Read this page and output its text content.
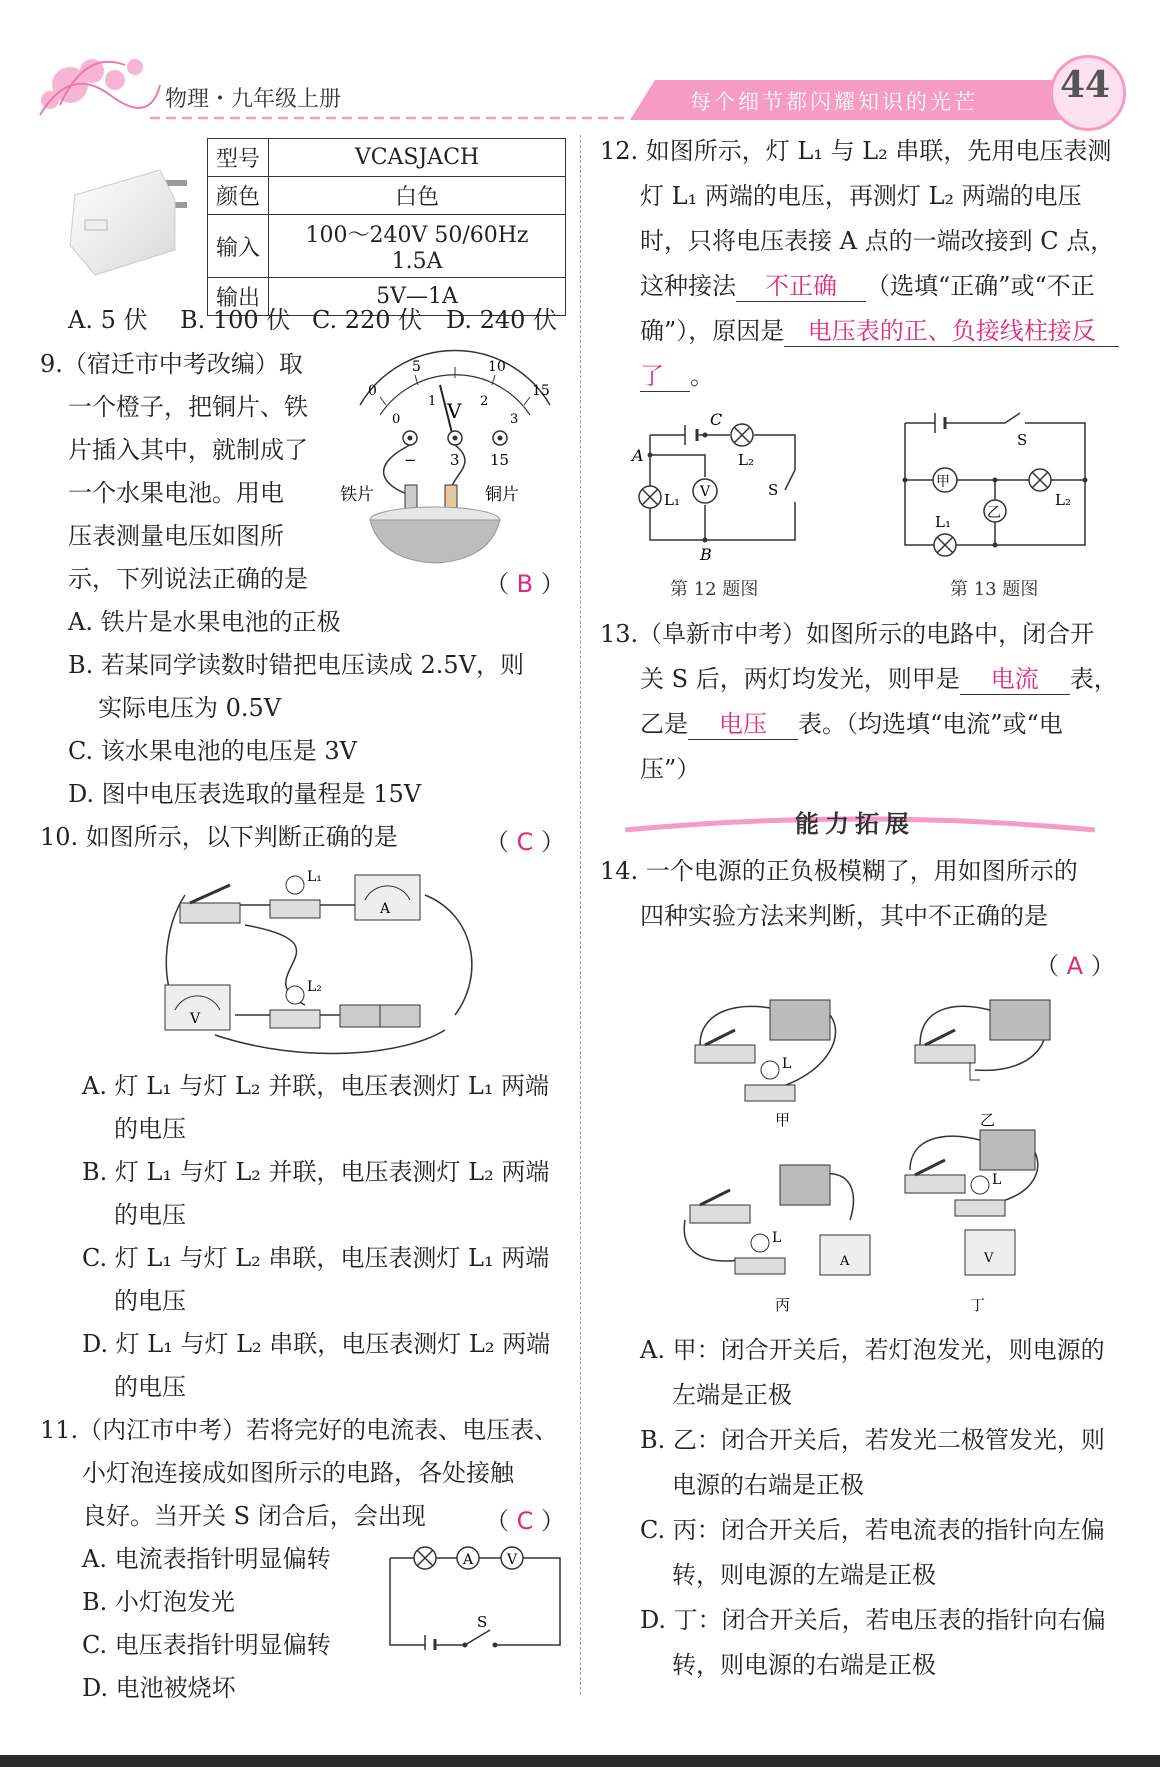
物理・九年级上册	每个细节都闪耀知识的光芒 44
型号	VCASJACH
颜色	白色
输入	100～240V 50/60Hz 1.5A
输出	5V—1A
A. 5 伏 B. 100 伏 C. 220 伏 D. 240 伏
9.（宿迁市中考改编）取
一个橙子，把铜片、铁
片插入其中，就制成了
一个水果电池。用电
压表测量电压如图所
示，下列说法正确的是	（ B ）
0
5	10
15
0
1	2
3
V
− 3 15
铁片	铜片
A. 铁片是水果电池的正极
B. 若某同学读数时错把电压读成 2.5V，则
实际电压为 0.5V
C. 该水果电池的电压是 3V
D. 图中电压表选取的量程是 15V
10. 如图所示，以下判断正确的是	（ C ）
L₁
A
V
L₂
A. 灯 L₁ 与灯 L₂ 并联，电压表测灯 L₁ 两端
的电压
B. 灯 L₁ 与灯 L₂ 并联，电压表测灯 L₂ 两端
的电压
C. 灯 L₁ 与灯 L₂ 串联，电压表测灯 L₁ 两端
的电压
D. 灯 L₁ 与灯 L₂ 串联，电压表测灯 L₂ 两端
的电压
11.（内江市中考）若将完好的电流表、电压表、
小灯泡连接成如图所示的电路，各处接触
良好。当开关 S 闭合后，会出现 （ C ）
A. 电流表指针明显偏转
B. 小灯泡发光
C. 电压表指针明显偏转
D. 电池被烧坏
A V
S
12. 如图所示，灯 L₁ 与 L₂ 串联，先用电压表测
灯 L₁ 两端的电压，再测灯 L₂ 两端的电压
时，只将电压表接 A 点的一端改接到 C 点，
这种接法 不正确 （选填“正确”或“不正
确”），原因是 电压表的正、负接线柱接反
了 。
V
A
C
B
L₁
L₂
S	甲
乙
L₁
L₂
S
第 12 题图	第 13 题图
13.（阜新市中考）如图所示的电路中，闭合开
关 S 后，两灯均发光，则甲是 电流 表，
乙是 电压 表。（均选填“电流”或“电
压”）
能力拓展
14. 一个电源的正负极模糊了，用如图所示的
四种实验方法来判断，其中不正确的是
（ A ）
L
甲	乙
L
A
丙
L
V
丁
A. 甲：闭合开关后，若灯泡发光，则电源的
左端是正极
B. 乙：闭合开关后，若发光二极管发光，则
电源的右端是正极
C. 丙：闭合开关后，若电流表的指针向左偏
转，则电源的左端是正极
D. 丁：闭合开关后，若电压表的指针向右偏
转，则电源的右端是正极
